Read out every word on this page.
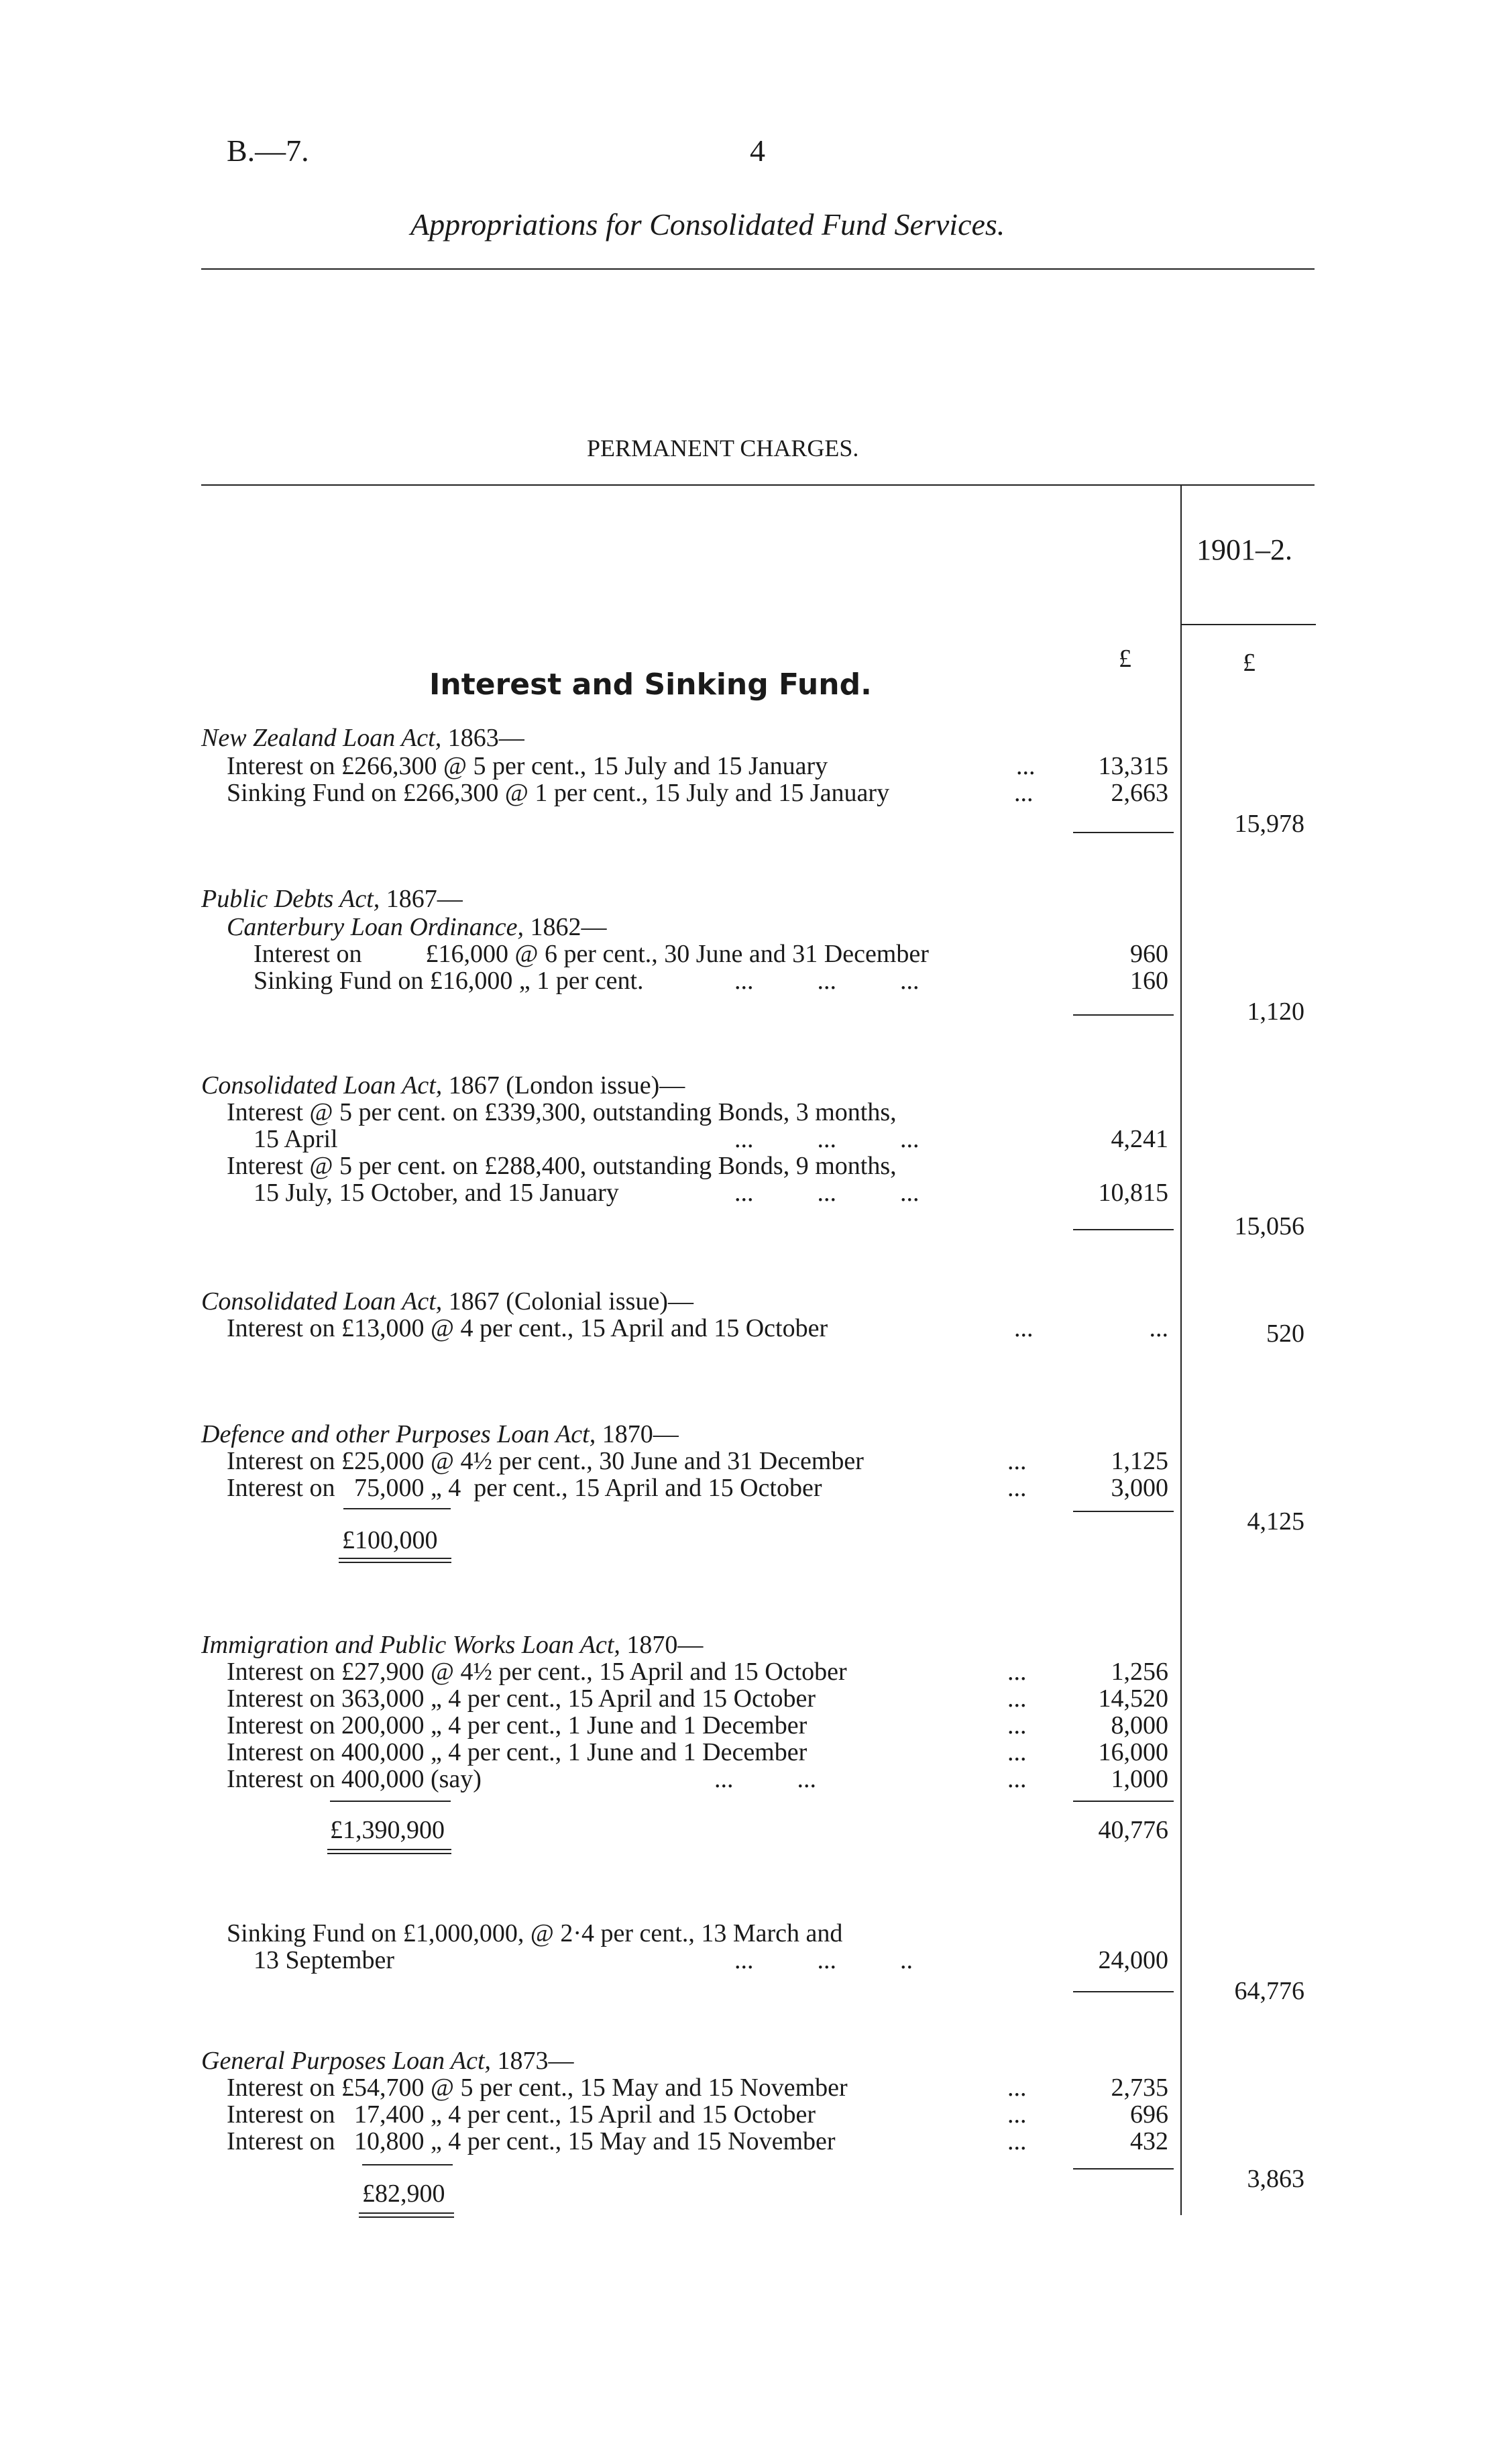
B.—7.	4
Appropriations for Consolidated Fund Services.
PERMANENT CHARGES.
1901–2.
£	£
Interest and Sinking Fund.
New Zealand Loan Act, 1863—
Interest on £266,300 @ 5 per cent., 15 July and 15 January	...	13,315
Sinking Fund on £266,300 @ 1 per cent., 15 July and 15 January	...	2,663
15,978
Public Debts Act, 1867—
Canterbury Loan Ordinance, 1862—
Interest on          £16,000 @ 6 per cent., 30 June and 31 December	960
Sinking Fund on £16,000 „ 1 per cent.	...          ...          ...	160
1,120
Consolidated Loan Act, 1867 (London issue)—
Interest @ 5 per cent. on £339,300, outstanding Bonds, 3 months,
15 April	...          ...          ...	4,241
Interest @ 5 per cent. on £288,400, outstanding Bonds, 9 months,
15 July, 15 October, and 15 January	...          ...          ...	10,815
15,056
Consolidated Loan Act, 1867 (Colonial issue)—
Interest on £13,000 @ 4 per cent., 15 April and 15 October	...	...	520
Defence and other Purposes Loan Act, 1870—
Interest on £25,000 @ 4½ per cent., 30 June and 31 December	...	1,125
Interest on   75,000 „ 4  per cent., 15 April and 15 October	...	3,000
£100,000
4,125
Immigration and Public Works Loan Act, 1870—
Interest on £27,900 @ 4½ per cent., 15 April and 15 October	...	1,256
Interest on 363,000 „ 4 per cent., 15 April and 15 October	...	14,520
Interest on 200,000 „ 4 per cent., 1 June and 1 December	...	8,000
Interest on 400,000 „ 4 per cent., 1 June and 1 December	...	16,000
Interest on 400,000 (say)	...          ...	...	1,000
£1,390,900	40,776
Sinking Fund on £1,000,000, @ 2·4 per cent., 13 March and
13 September	...          ...          ..	24,000
64,776
General Purposes Loan Act, 1873—
Interest on £54,700 @ 5 per cent., 15 May and 15 November	...	2,735
Interest on   17,400 „ 4 per cent., 15 April and 15 October	...	696
Interest on   10,800 „ 4 per cent., 15 May and 15 November	...	432
£82,900
3,863
